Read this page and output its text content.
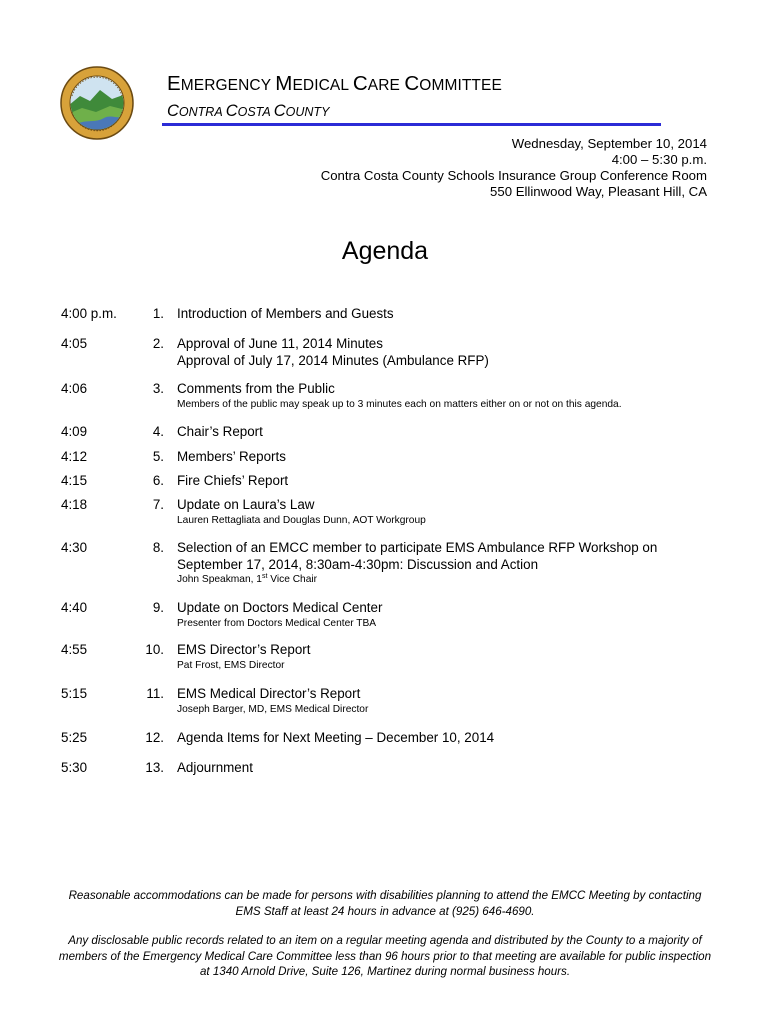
EMERGENCY MEDICAL CARE COMMITTEE
CONTRA COSTA COUNTY
Wednesday, September 10, 2014
4:00 – 5:30 p.m.
Contra Costa County Schools Insurance Group Conference Room
550 Ellinwood Way, Pleasant Hill, CA
Agenda
4:00 p.m.	1. Introduction of Members and Guests
4:05	2. Approval of June 11, 2014 Minutes
Approval of July 17, 2014 Minutes (Ambulance RFP)
4:06	3. Comments from the Public
Members of the public may speak up to 3 minutes each on matters either on or not on this agenda.
4:09	4. Chair’s Report
4:12	5. Members’ Reports
4:15	6. Fire Chiefs’ Report
4:18	7. Update on Laura’s Law
Lauren Rettagliata and Douglas Dunn, AOT Workgroup
4:30	8. Selection of an EMCC member to participate EMS Ambulance RFP Workshop on
September 17, 2014, 8:30am-4:30pm: Discussion and Action
John Speakman, 1st Vice Chair
4:40	9. Update on Doctors Medical Center
Presenter from Doctors Medical Center TBA
4:55	10. EMS Director’s Report
Pat Frost, EMS Director
5:15	11. EMS Medical Director’s Report
Joseph Barger, MD, EMS Medical Director
5:25	12. Agenda Items for Next Meeting – December 10, 2014
5:30	13. Adjournment
Reasonable accommodations can be made for persons with disabilities planning to attend the EMCC Meeting by contacting EMS Staff at least 24 hours in advance at (925) 646-4690.
Any disclosable public records related to an item on a regular meeting agenda and distributed by the County to a majority of members of the Emergency Medical Care Committee less than 96 hours prior to that meeting are available for public inspection at 1340 Arnold Drive, Suite 126, Martinez during normal business hours.
